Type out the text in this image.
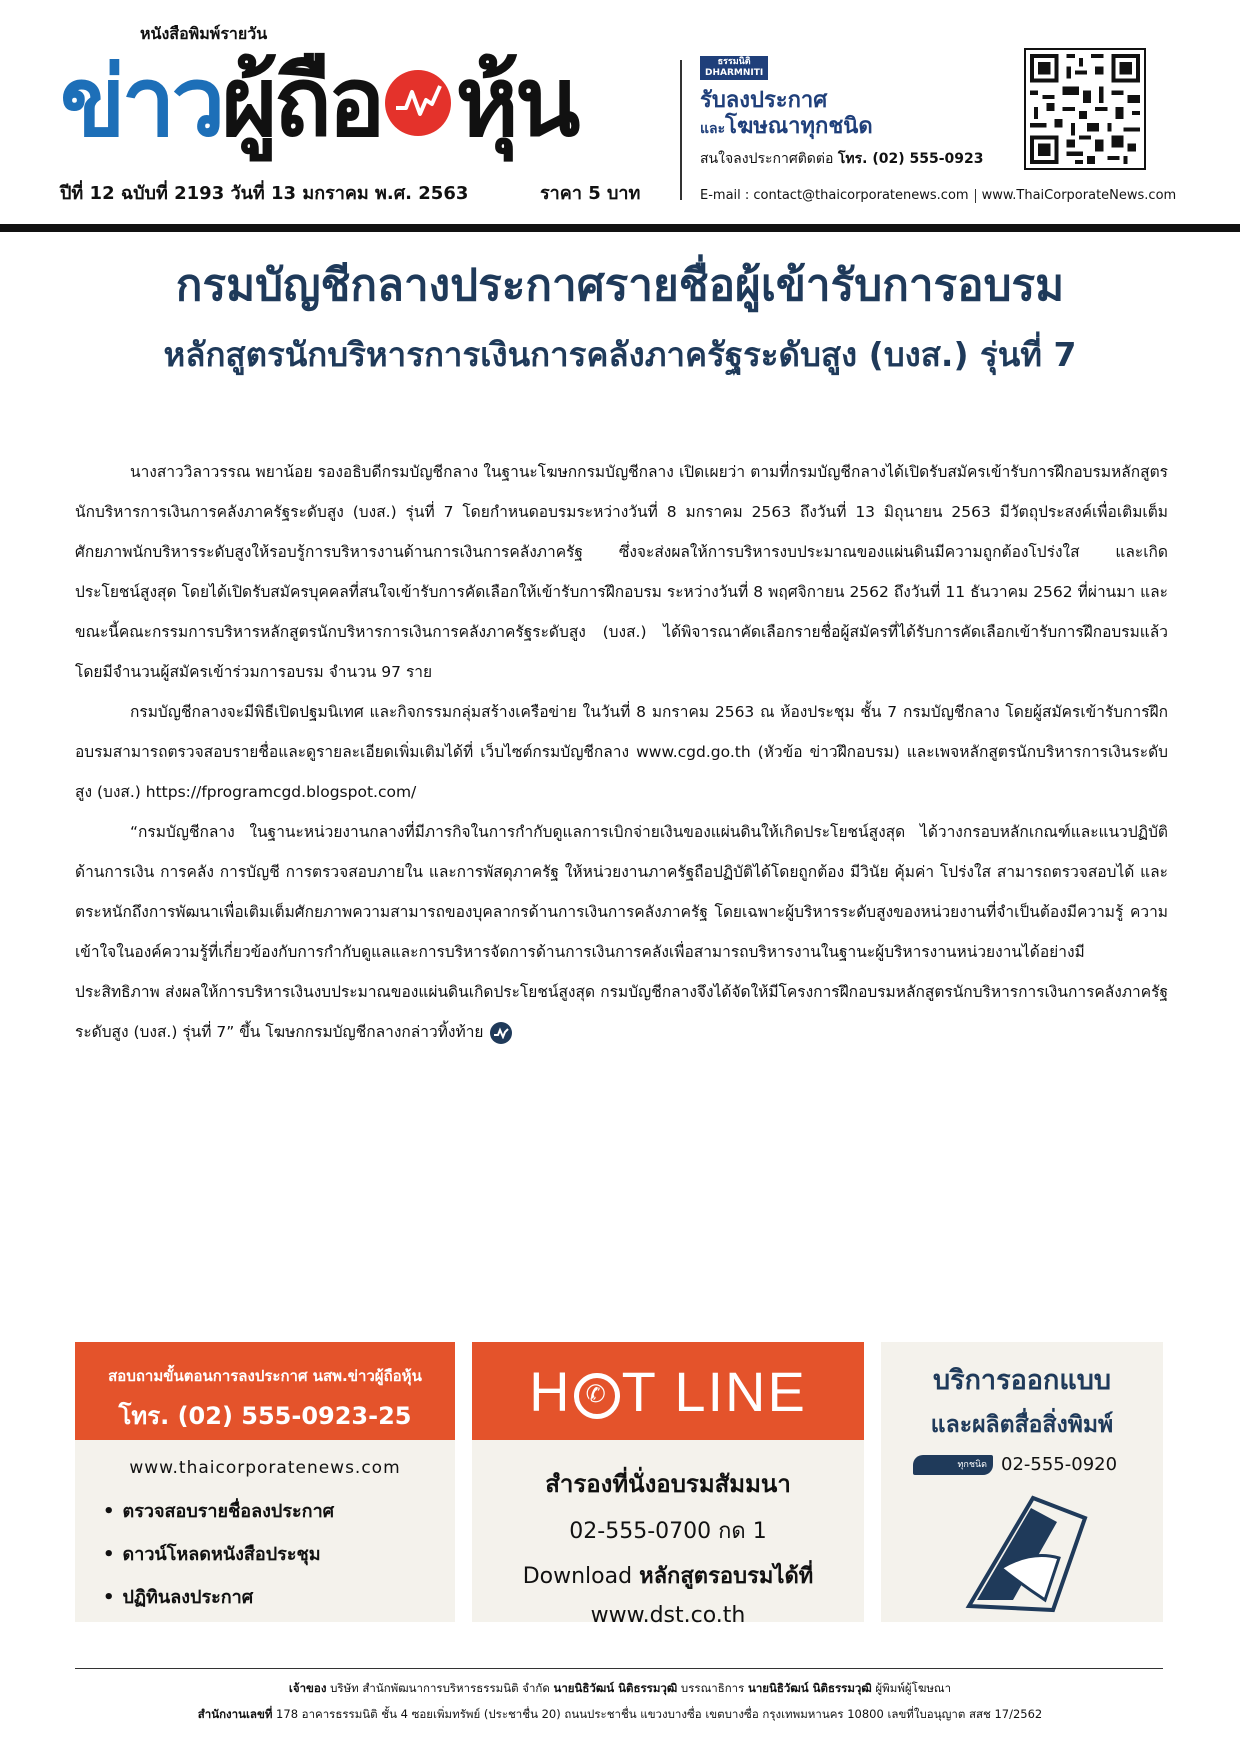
หนังสือพิมพ์รายวัน
ข่าว ผู้ถือ หุ้น
ปีที่ 12 ฉบับที่ 2193 วันที่ 13 มกราคม พ.ศ. 2563	ราคา 5 บาท
ธรรมนิติ
DHARMNITI
รับลงประกาศ
และโฆษณาทุกชนิด
สนใจลงประกาศติดต่อ โทร. (02) 555-0923
E-mail : contact@thaicorporatenews.com www.ThaiCorporateNews.com
กรมบัญชีกลางประกาศรายชื่อผู้เข้ารับการอบรม
หลักสูตรนักบริหารการเงินการคลังภาครัฐระดับสูง (บงส.) รุ่นที่ 7

นางสาววิลาวรรณ พยาน้อย รองอธิบดีกรมบัญชีกลาง ในฐานะโฆษกกรมบัญชีกลาง เปิดเผยว่า ตามที่กรมบัญชีกลางได้เปิดรับสมัครเข้ารับการฝึกอบรมหลักสูตรนักบริหารการเงินการคลังภาครัฐระดับสูง (บงส.) รุ่นที่ 7 โดยกำหนดอบรมระหว่างวันที่ 8 มกราคม 2563 ถึงวันที่ 13 มิถุนายน 2563 มีวัตถุประสงค์เพื่อเติมเต็มศักยภาพนักบริหารระดับสูงให้รอบรู้การบริหารงานด้านการเงินการคลังภาครัฐ ซึ่งจะส่งผลให้การบริหารงบประมาณของแผ่นดินมีความถูกต้องโปร่งใส และเกิดประโยชน์สูงสุด โดยได้เปิดรับสมัครบุคคลที่สนใจเข้ารับการคัดเลือกให้เข้ารับการฝึกอบรม ระหว่างวันที่ 8 พฤศจิกายน 2562 ถึงวันที่ 11 ธันวาคม 2562 ที่ผ่านมา และขณะนี้คณะกรรมการบริหารหลักสูตรนักบริหารการเงินการคลังภาครัฐระดับสูง (บงส.) ได้พิจารณาคัดเลือกรายชื่อผู้สมัครที่ได้รับการคัดเลือกเข้ารับการฝึกอบรมแล้ว โดยมีจำนวนผู้สมัครเข้าร่วมการอบรม จำนวน 97 ราย

กรมบัญชีกลางจะมีพิธีเปิดปฐมนิเทศ และกิจกรรมกลุ่มสร้างเครือข่าย ในวันที่ 8 มกราคม 2563 ณ ห้องประชุม ชั้น 7 กรมบัญชีกลาง โดยผู้สมัครเข้ารับการฝึกอบรมสามารถตรวจสอบรายชื่อและดูรายละเอียดเพิ่มเติมได้ที่ เว็บไซต์กรมบัญชีกลาง www.cgd.go.th (หัวข้อ ข่าวฝึกอบรม) และเพจหลักสูตรนักบริหารการเงินระดับสูง (บงส.) https://fprogramcgd.blogspot.com/

“กรมบัญชีกลาง ในฐานะหน่วยงานกลางที่มีภารกิจในการกำกับดูแลการเบิกจ่ายเงินของแผ่นดินให้เกิดประโยชน์สูงสุด ได้วางกรอบหลักเกณฑ์และแนวปฏิบัติด้านการเงิน การคลัง การบัญชี การตรวจสอบภายใน และการพัสดุภาครัฐ ให้หน่วยงานภาครัฐถือปฏิบัติได้โดยถูกต้อง มีวินัย คุ้มค่า โปร่งใส สามารถตรวจสอบได้ และตระหนักถึงการพัฒนาเพื่อเติมเต็มศักยภาพความสามารถของบุคลากรด้านการเงินการคลังภาครัฐ โดยเฉพาะผู้บริหารระดับสูงของหน่วยงานที่จำเป็นต้องมีความรู้ ความเข้าใจในองค์ความรู้ที่เกี่ยวข้องกับการกำกับดูแลและการบริหารจัดการด้านการเงินการคลังเพื่อสามารถบริหารงานในฐานะผู้บริหารงานหน่วยงานได้อย่างมีประสิทธิภาพ ส่งผลให้การบริหารเงินงบประมาณของแผ่นดินเกิดประโยชน์สูงสุด กรมบัญชีกลางจึงได้จัดให้มีโครงการฝึกอบรมหลักสูตรนักบริหารการเงินการคลังภาครัฐระดับสูง (บงส.) รุ่นที่ 7” ขึ้น โฆษกกรมบัญชีกลางกล่าวทิ้งท้าย

สอบถามขั้นตอนการลงประกาศ นสพ.ข่าวผู้ถือหุ้น
โทร. (02) 555-0923-25
www.thaicorporatenews.com
• ตรวจสอบรายชื่อลงประกาศ
• ดาวน์โหลดหนังสือประชุม
• ปฏิทินลงประกาศ
H✆ T LINE
สำรองที่นั่งอบรมสัมมนา
02-555-0700 กด 1
Download หลักสูตรอบรมได้ที่
www.dst.co.th
บริการออกแบบ
และผลิตสื่อสิ่งพิมพ์
ทุกชนิด 02-555-0920
เจ้าของ บริษัท สำนักพัฒนาการบริหารธรรมนิติ จำกัด นายนิธิวัฒน์ นิติธรรมวุฒิ บรรณาธิการ นายนิธิวัฒน์ นิติธรรมวุฒิ ผู้พิมพ์ผู้โฆษณา
สำนักงานเลขที่ 178 อาคารธรรมนิติ ชั้น 4 ซอยเพิ่มทรัพย์ (ประชาชื่น 20) ถนนประชาชื่น แขวงบางซื่อ เขตบางซื่อ กรุงเทพมหานคร 10800 เลขที่ใบอนุญาต สสช 17/2562
